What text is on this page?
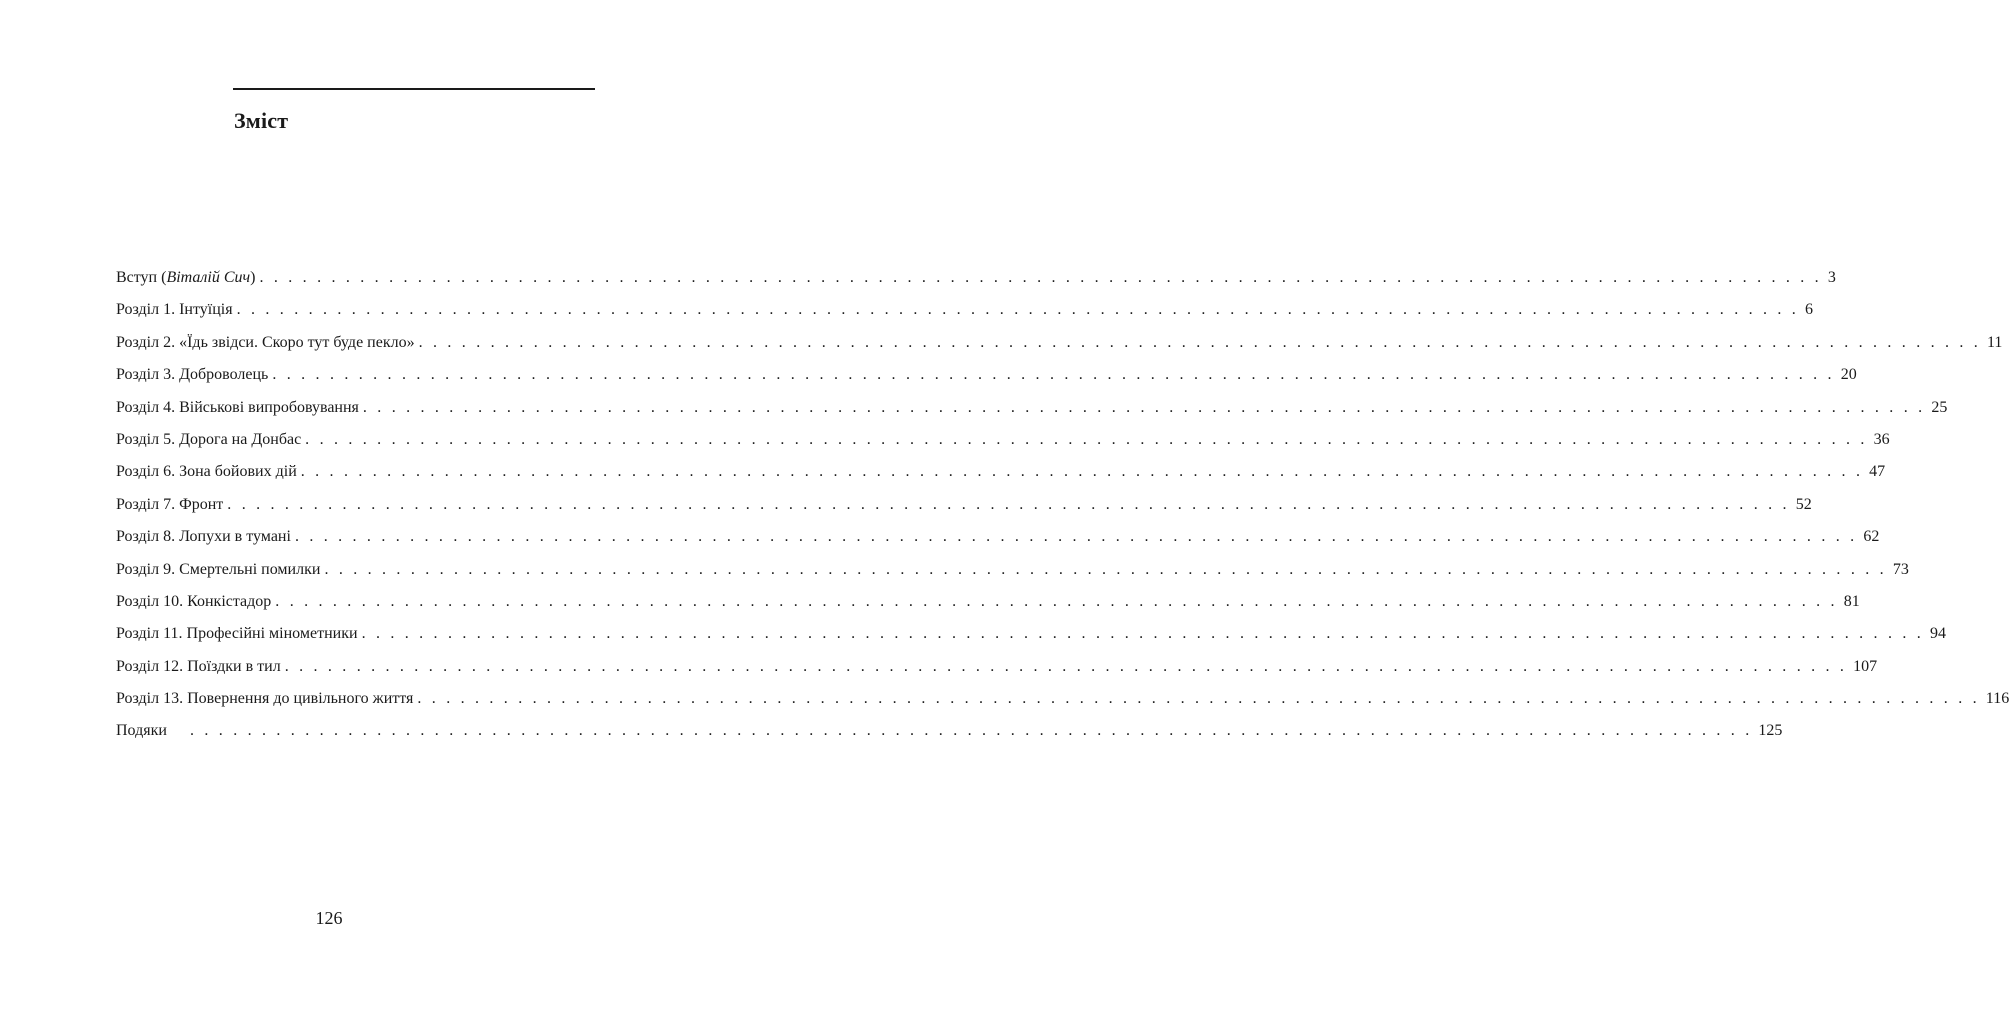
Зміст
Вступ (Віталій Сич) . . . . . . . . . . . . . . . . . . . . . . . . . . . . . . . . . . . . . . . . . . . . . . . . . . . . . . . . . . . . . . . . . . . . . . . . . . . . . . . . . . . . . . . . . . . . . . . . . . . . . . . . . . . . . 3
Розділ 1. Інтуїція . . . . . . . . . . . . . . . . . . . . . . . . . . . . . . . . . . . . . . . . . . . . . . . . . . . . . . . . . . . . . . . . . . . . . . . . . . . . . . . . . . . . . . . . . . . . . . . . . . . . . . . . . . . . . 6
Розділ 2. «Їдь звідси. Скоро тут буде пекло» . . . . . . . . . . . . . . . . . . . . . . . . . . . . . . . . . . . . . . . . . . . . . . . . . . . . . . . . . . . . . . . . . . . . . . . . . . . . . . . . . . . . . . . . . . . . . . . . . . . . . . . . . . . . . 11
Розділ 3. Доброволець . . . . . . . . . . . . . . . . . . . . . . . . . . . . . . . . . . . . . . . . . . . . . . . . . . . . . . . . . . . . . . . . . . . . . . . . . . . . . . . . . . . . . . . . . . . . . . . . . . . . . . . . . . . . . 20
Розділ 4. Військові випробовування . . . . . . . . . . . . . . . . . . . . . . . . . . . . . . . . . . . . . . . . . . . . . . . . . . . . . . . . . . . . . . . . . . . . . . . . . . . . . . . . . . . . . . . . . . . . . . . . . . . . . . . . . . . . . 25
Розділ 5. Дорога на Донбас . . . . . . . . . . . . . . . . . . . . . . . . . . . . . . . . . . . . . . . . . . . . . . . . . . . . . . . . . . . . . . . . . . . . . . . . . . . . . . . . . . . . . . . . . . . . . . . . . . . . . . . . . . . . . 36
Розділ 6. Зона бойових дій . . . . . . . . . . . . . . . . . . . . . . . . . . . . . . . . . . . . . . . . . . . . . . . . . . . . . . . . . . . . . . . . . . . . . . . . . . . . . . . . . . . . . . . . . . . . . . . . . . . . . . . . . . . . . 47
Розділ 7. Фронт . . . . . . . . . . . . . . . . . . . . . . . . . . . . . . . . . . . . . . . . . . . . . . . . . . . . . . . . . . . . . . . . . . . . . . . . . . . . . . . . . . . . . . . . . . . . . . . . . . . . . . . . . . . . . 52
Розділ 8. Лопухи в тумані . . . . . . . . . . . . . . . . . . . . . . . . . . . . . . . . . . . . . . . . . . . . . . . . . . . . . . . . . . . . . . . . . . . . . . . . . . . . . . . . . . . . . . . . . . . . . . . . . . . . . . . . . . . . . 62
Розділ 9. Смертельні помилки . . . . . . . . . . . . . . . . . . . . . . . . . . . . . . . . . . . . . . . . . . . . . . . . . . . . . . . . . . . . . . . . . . . . . . . . . . . . . . . . . . . . . . . . . . . . . . . . . . . . . . . . . . . . . 73
Розділ 10. Конкістадор . . . . . . . . . . . . . . . . . . . . . . . . . . . . . . . . . . . . . . . . . . . . . . . . . . . . . . . . . . . . . . . . . . . . . . . . . . . . . . . . . . . . . . . . . . . . . . . . . . . . . . . . . . . . . 81
Розділ 11. Професійні мінометники . . . . . . . . . . . . . . . . . . . . . . . . . . . . . . . . . . . . . . . . . . . . . . . . . . . . . . . . . . . . . . . . . . . . . . . . . . . . . . . . . . . . . . . . . . . . . . . . . . . . . . . . . . . . . 94
Розділ 12. Поїздки в тил . . . . . . . . . . . . . . . . . . . . . . . . . . . . . . . . . . . . . . . . . . . . . . . . . . . . . . . . . . . . . . . . . . . . . . . . . . . . . . . . . . . . . . . . . . . . . . . . . . . . . . . . . . . . . 107
Розділ 13. Повернення до цивільного життя . . . . . . . . . . . . . . . . . . . . . . . . . . . . . . . . . . . . . . . . . . . . . . . . . . . . . . . . . . . . . . . . . . . . . . . . . . . . . . . . . . . . . . . . . . . . . . . . . . . . . . . . . . . . . 116
Подяки	. . . . . . . . . . . . . . . . . . . . . . . . . . . . . . . . . . . . . . . . . . . . . . . . . . . . . . . . . . . . . . . . . . . . . . . . . . . . . . . . . . . . . . . . . . . . . . . . . . . . . . . . . . . . . 125
126
